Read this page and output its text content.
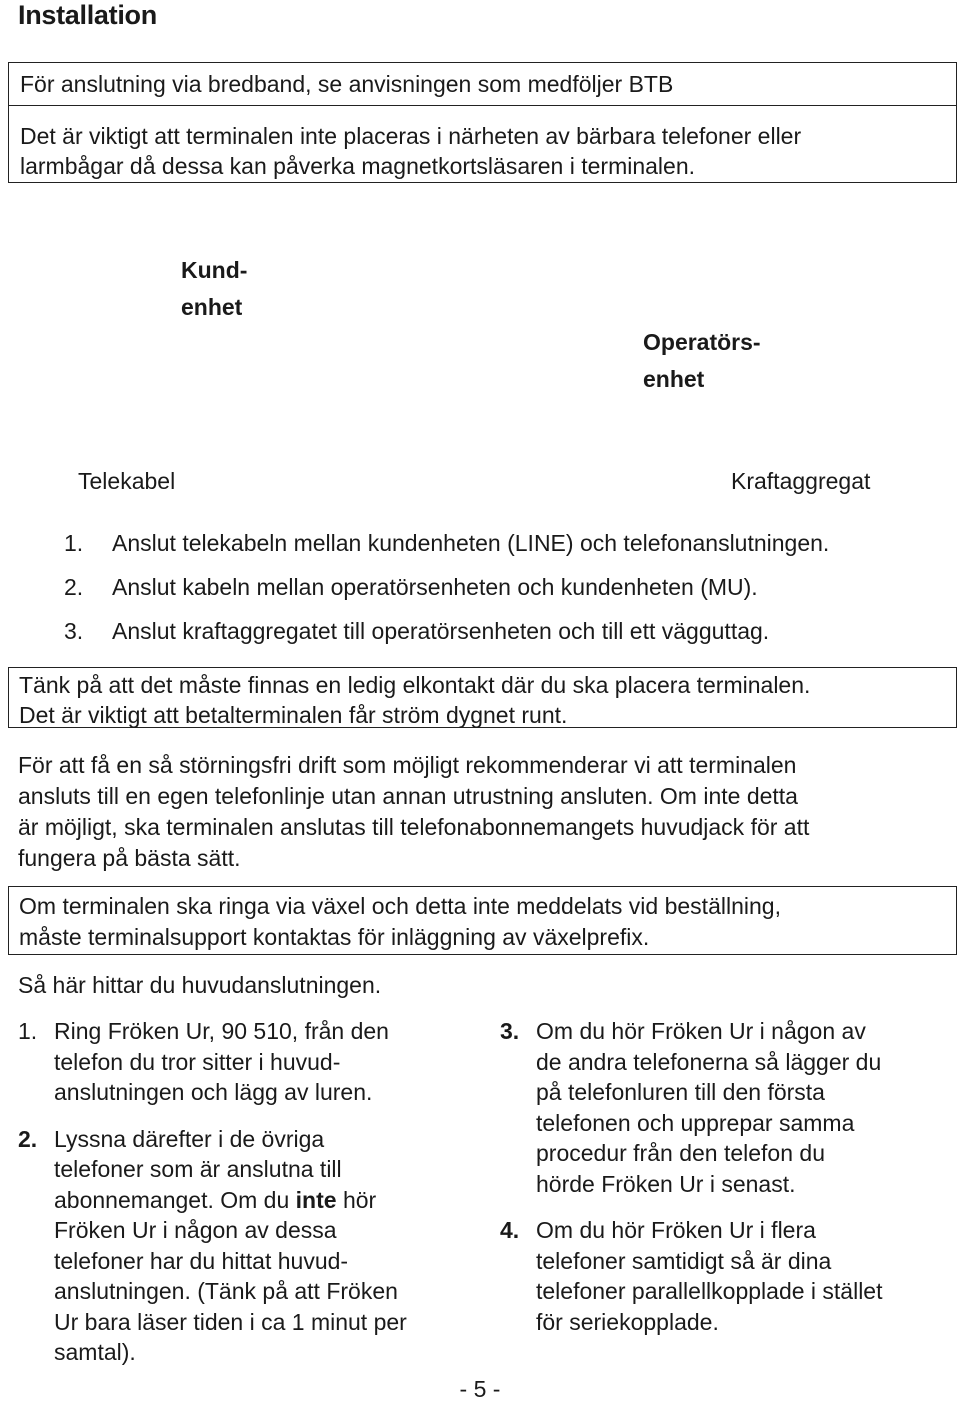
Installation
För anslutning via bredband, se anvisningen som medföljer BTB
Det är viktigt att terminalen inte placeras i närheten av bärbara telefoner eller
larmbågar då dessa kan påverka magnetkortsläsaren i terminalen.
Kund-
enhet
Operatörs-
enhet
Telekabel	Kraftaggregat
1. Anslut telekabeln mellan kundenheten (LINE) och telefonanslutningen.
2. Anslut kabeln mellan operatörsenheten och kundenheten (MU).
3. Anslut kraftaggregatet till operatörsenheten och till ett vägguttag.
Tänk på att det måste finnas en ledig elkontakt där du ska placera terminalen.
Det är viktigt att betalterminalen får ström dygnet runt.
För att få en så störningsfri drift som möjligt rekommenderar vi att terminalen
ansluts till en egen telefonlinje utan annan utrustning ansluten. Om inte detta
är möjligt, ska terminalen anslutas till telefonabonnemangets huvudjack för att
fungera på bästa sätt.
Om terminalen ska ringa via växel och detta inte meddelats vid beställning,
måste terminalsupport kontaktas för inläggning av växelprefix.
Så här hittar du huvudanslutningen.
1. Ring Fröken Ur, 90 510, från den
telefon du tror sitter i huvud-
anslutningen och lägg av luren.
2. Lyssna därefter i de övriga
telefoner som är anslutna till
abonnemanget. Om du inte hör
Fröken Ur i någon av dessa
telefoner har du hittat huvud-
anslutningen. (Tänk på att Fröken
Ur bara läser tiden i ca 1 minut per
samtal).
3. Om du hör Fröken Ur i någon av
de andra telefonerna så lägger du
på telefonluren till den första
telefonen och upprepar samma
procedur från den telefon du
hörde Fröken Ur i senast.
4. Om du hör Fröken Ur i flera
telefoner samtidigt så är dina
telefoner parallellkopplade i stället
för seriekopplade.
- 5 -
